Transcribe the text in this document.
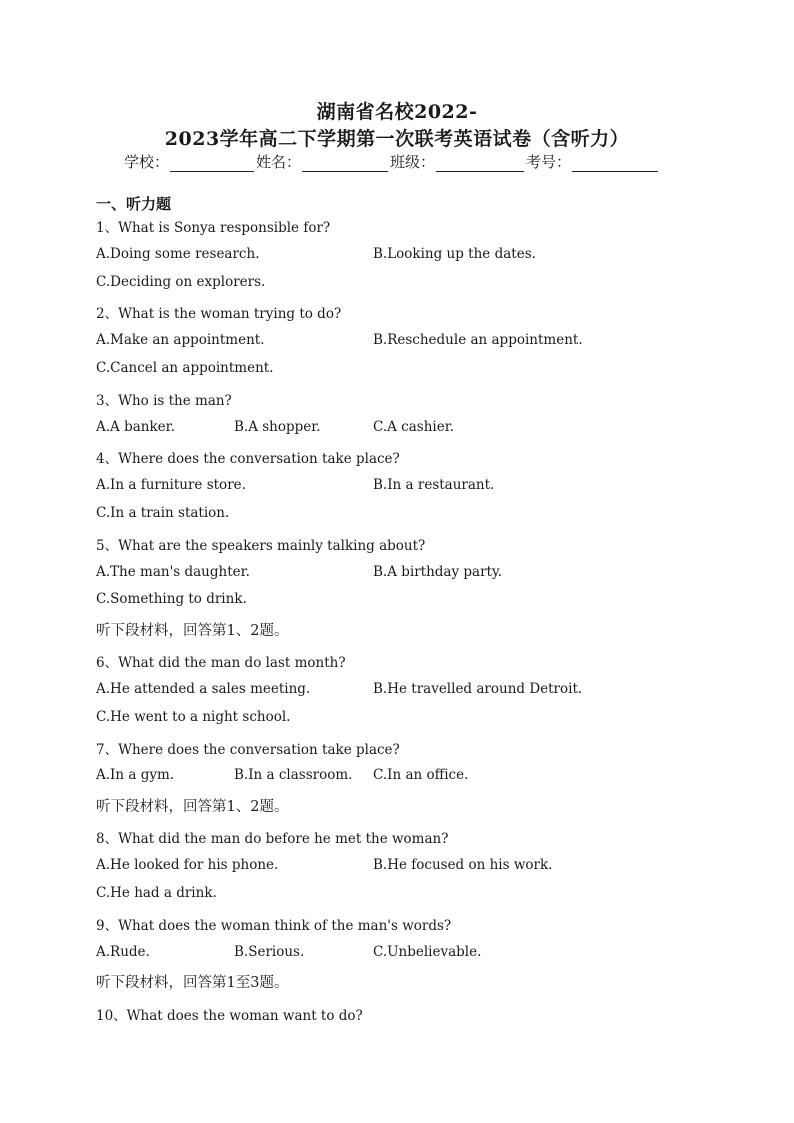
湖南省名校2022-
2023学年高二下学期第一次联考英语试卷（含听力）
学校：	姓名：	班级：	考号：
一、听力题
1、What is Sonya responsible for?
A.Doing some research.	B.Looking up the dates.
C.Deciding on explorers.
2、What is the woman trying to do?
A.Make an appointment.	B.Reschedule an appointment.
C.Cancel an appointment.
3、Who is the man?
A.A banker.	B.A shopper.	C.A cashier.
4、Where does the conversation take place?
A.In a furniture store.	B.In a restaurant.
C.In a train station.
5、What are the speakers mainly talking about?
A.The man's daughter.	B.A birthday party.
C.Something to drink.
听下段材料，回答第1、2题。
6、What did the man do last month?
A.He attended a sales meeting.	B.He travelled around Detroit.
C.He went to a night school.
7、Where does the conversation take place?
A.In a gym.	B.In a classroom. C.In an office.
听下段材料，回答第1、2题。
8、What did the man do before he met the woman?
A.He looked for his phone.	B.He focused on his work.
C.He had a drink.
9、What does the woman think of the man's words?
A.Rude.	B.Serious.	C.Unbelievable.
听下段材料，回答第1至3题。
10、What does the woman want to do?
